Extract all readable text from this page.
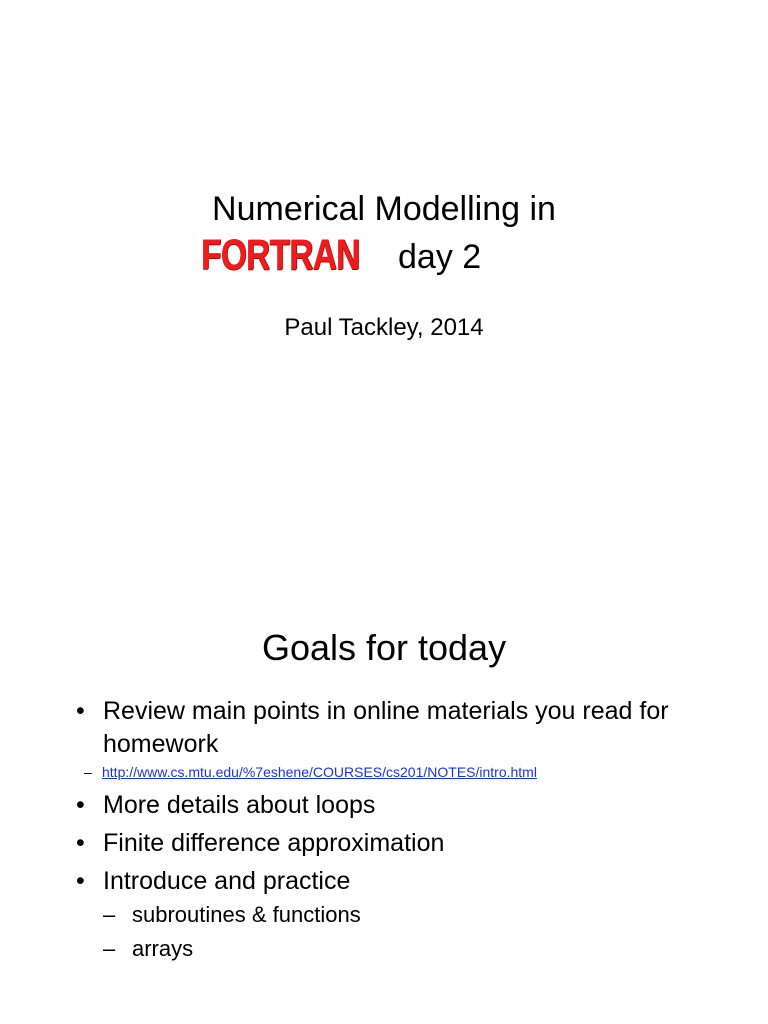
Numerical Modelling in
FORTRAN day 2
Paul Tackley, 2014
Goals for today
• Review main points in online materials you read for homework
– http://www.cs.mtu.edu/%7eshene/COURSES/cs201/NOTES/intro.html
• More details about loops
• Finite difference approximation
• Introduce and practice
– subroutines & functions
– arrays
